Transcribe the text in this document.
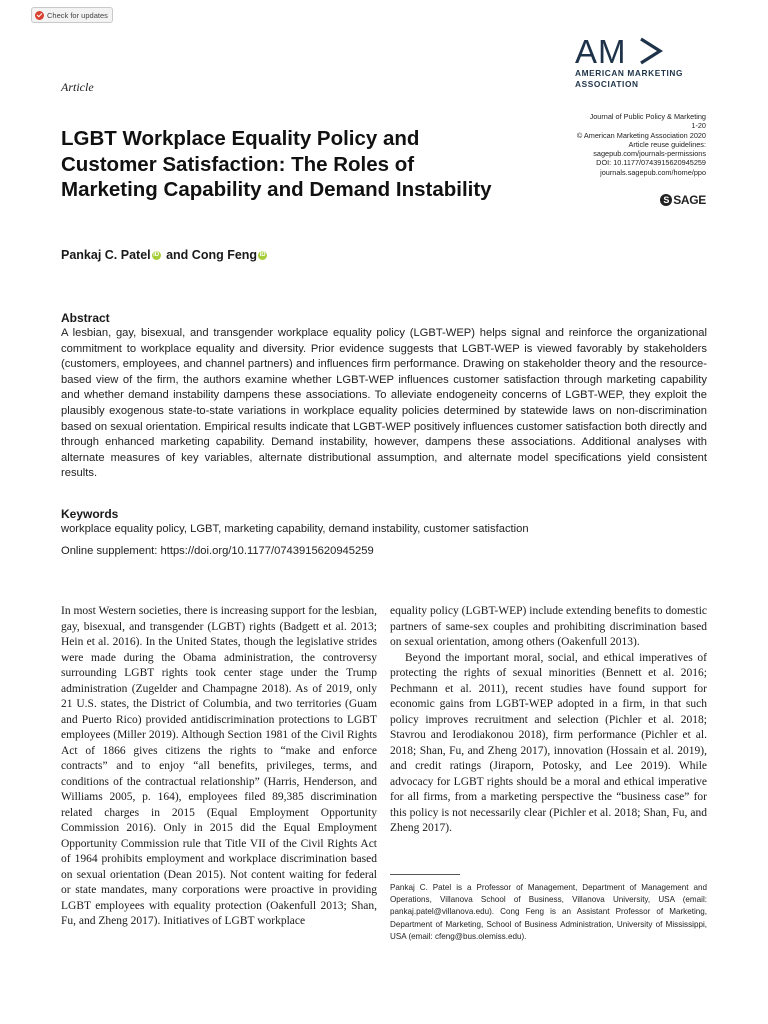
Check for updates
AM
AMERICAN MARKETING
ASSOCIATION
Article
Journal of Public Policy & Marketing
1-20
© American Marketing Association 2020
Article reuse guidelines:
sagepub.com/journals-permissions
DOI: 10.1177/0743915620945259
journals.sagepub.com/home/ppo
S SAGE
LGBT Workplace Equality Policy and
Customer Satisfaction: The Roles of
Marketing Capability and Demand Instability
Pankaj C. Patel iD and Cong Feng iD
Abstract
A lesbian, gay, bisexual, and transgender workplace equality policy (LGBT-WEP) helps signal and reinforce the organizational commitment to workplace equality and diversity. Prior evidence suggests that LGBT-WEP is viewed favorably by stakeholders (customers, employees, and channel partners) and influences firm performance. Drawing on stakeholder theory and the resource-based view of the firm, the authors examine whether LGBT-WEP influences customer satisfaction through marketing capability and whether demand instability dampens these associations. To alleviate endogeneity concerns of LGBT-WEP, they exploit the plausibly exogenous state-to-state variations in workplace equality policies determined by statewide laws on non-discrimination based on sexual orientation. Empirical results indicate that LGBT-WEP positively influences customer satisfaction both directly and through enhanced marketing capability. Demand instability, however, dampens these associations. Additional analyses with alternate measures of key variables, alternate distributional assumption, and alternate model specifications yield consistent results.
Keywords
workplace equality policy, LGBT, marketing capability, demand instability, customer satisfaction
Online supplement: https://doi.org/10.1177/0743915620945259

In most Western societies, there is increasing support for the lesbian, gay, bisexual, and transgender (LGBT) rights (Badgett et al. 2013; Hein et al. 2016). In the United States, though the legislative strides were made during the Obama administration, the controversy surrounding LGBT rights took center stage under the Trump administration (Zugelder and Champagne 2018). As of 2019, only 21 U.S. states, the District of Columbia, and two territories (Guam and Puerto Rico) provided antidiscrimination protections to LGBT employees (Miller 2019). Although Section 1981 of the Civil Rights Act of 1866 gives citizens the rights to “make and enforce contracts” and to enjoy “all benefits, privileges, terms, and conditions of the contractual relationship” (Harris, Henderson, and Williams 2005, p. 164), employees filed 89,385 discrimination related charges in 2015 (Equal Employment Opportunity Commission 2016). Only in 2015 did the Equal Employment Opportunity Commission rule that Title VII of the Civil Rights Act of 1964 prohibits employment and workplace discrimination based on sexual orientation (Dean 2015). Not content waiting for federal or state mandates, many corporations were proactive in providing LGBT employees with equality protection (Oakenfull 2013; Shan, Fu, and Zheng 2017). Initiatives of LGBT workplace

equality policy (LGBT-WEP) include extending benefits to domestic partners of same-sex couples and prohibiting discrimination based on sexual orientation, among others (Oakenfull 2013).

Beyond the important moral, social, and ethical imperatives of protecting the rights of sexual minorities (Bennett et al. 2016; Pechmann et al. 2011), recent studies have found support for economic gains from LGBT-WEP adopted in a firm, in that such policy improves recruitment and selection (Pichler et al. 2018; Stavrou and Ierodiakonou 2018), firm performance (Pichler et al. 2018; Shan, Fu, and Zheng 2017), innovation (Hossain et al. 2019), and credit ratings (Jiraporn, Potosky, and Lee 2019). While advocacy for LGBT rights should be a moral and ethical imperative for all firms, from a marketing perspective the “business case” for this policy is not necessarily clear (Pichler et al. 2018; Shan, Fu, and Zheng 2017).

Pankaj C. Patel is a Professor of Management, Department of Management and Operations, Villanova School of Business, Villanova University, USA (email: pankaj.patel@villanova.edu). Cong Feng is an Assistant Professor of Marketing, Department of Marketing, School of Business Administration, University of Mississippi, USA (email: cfeng@bus.olemiss.edu).
